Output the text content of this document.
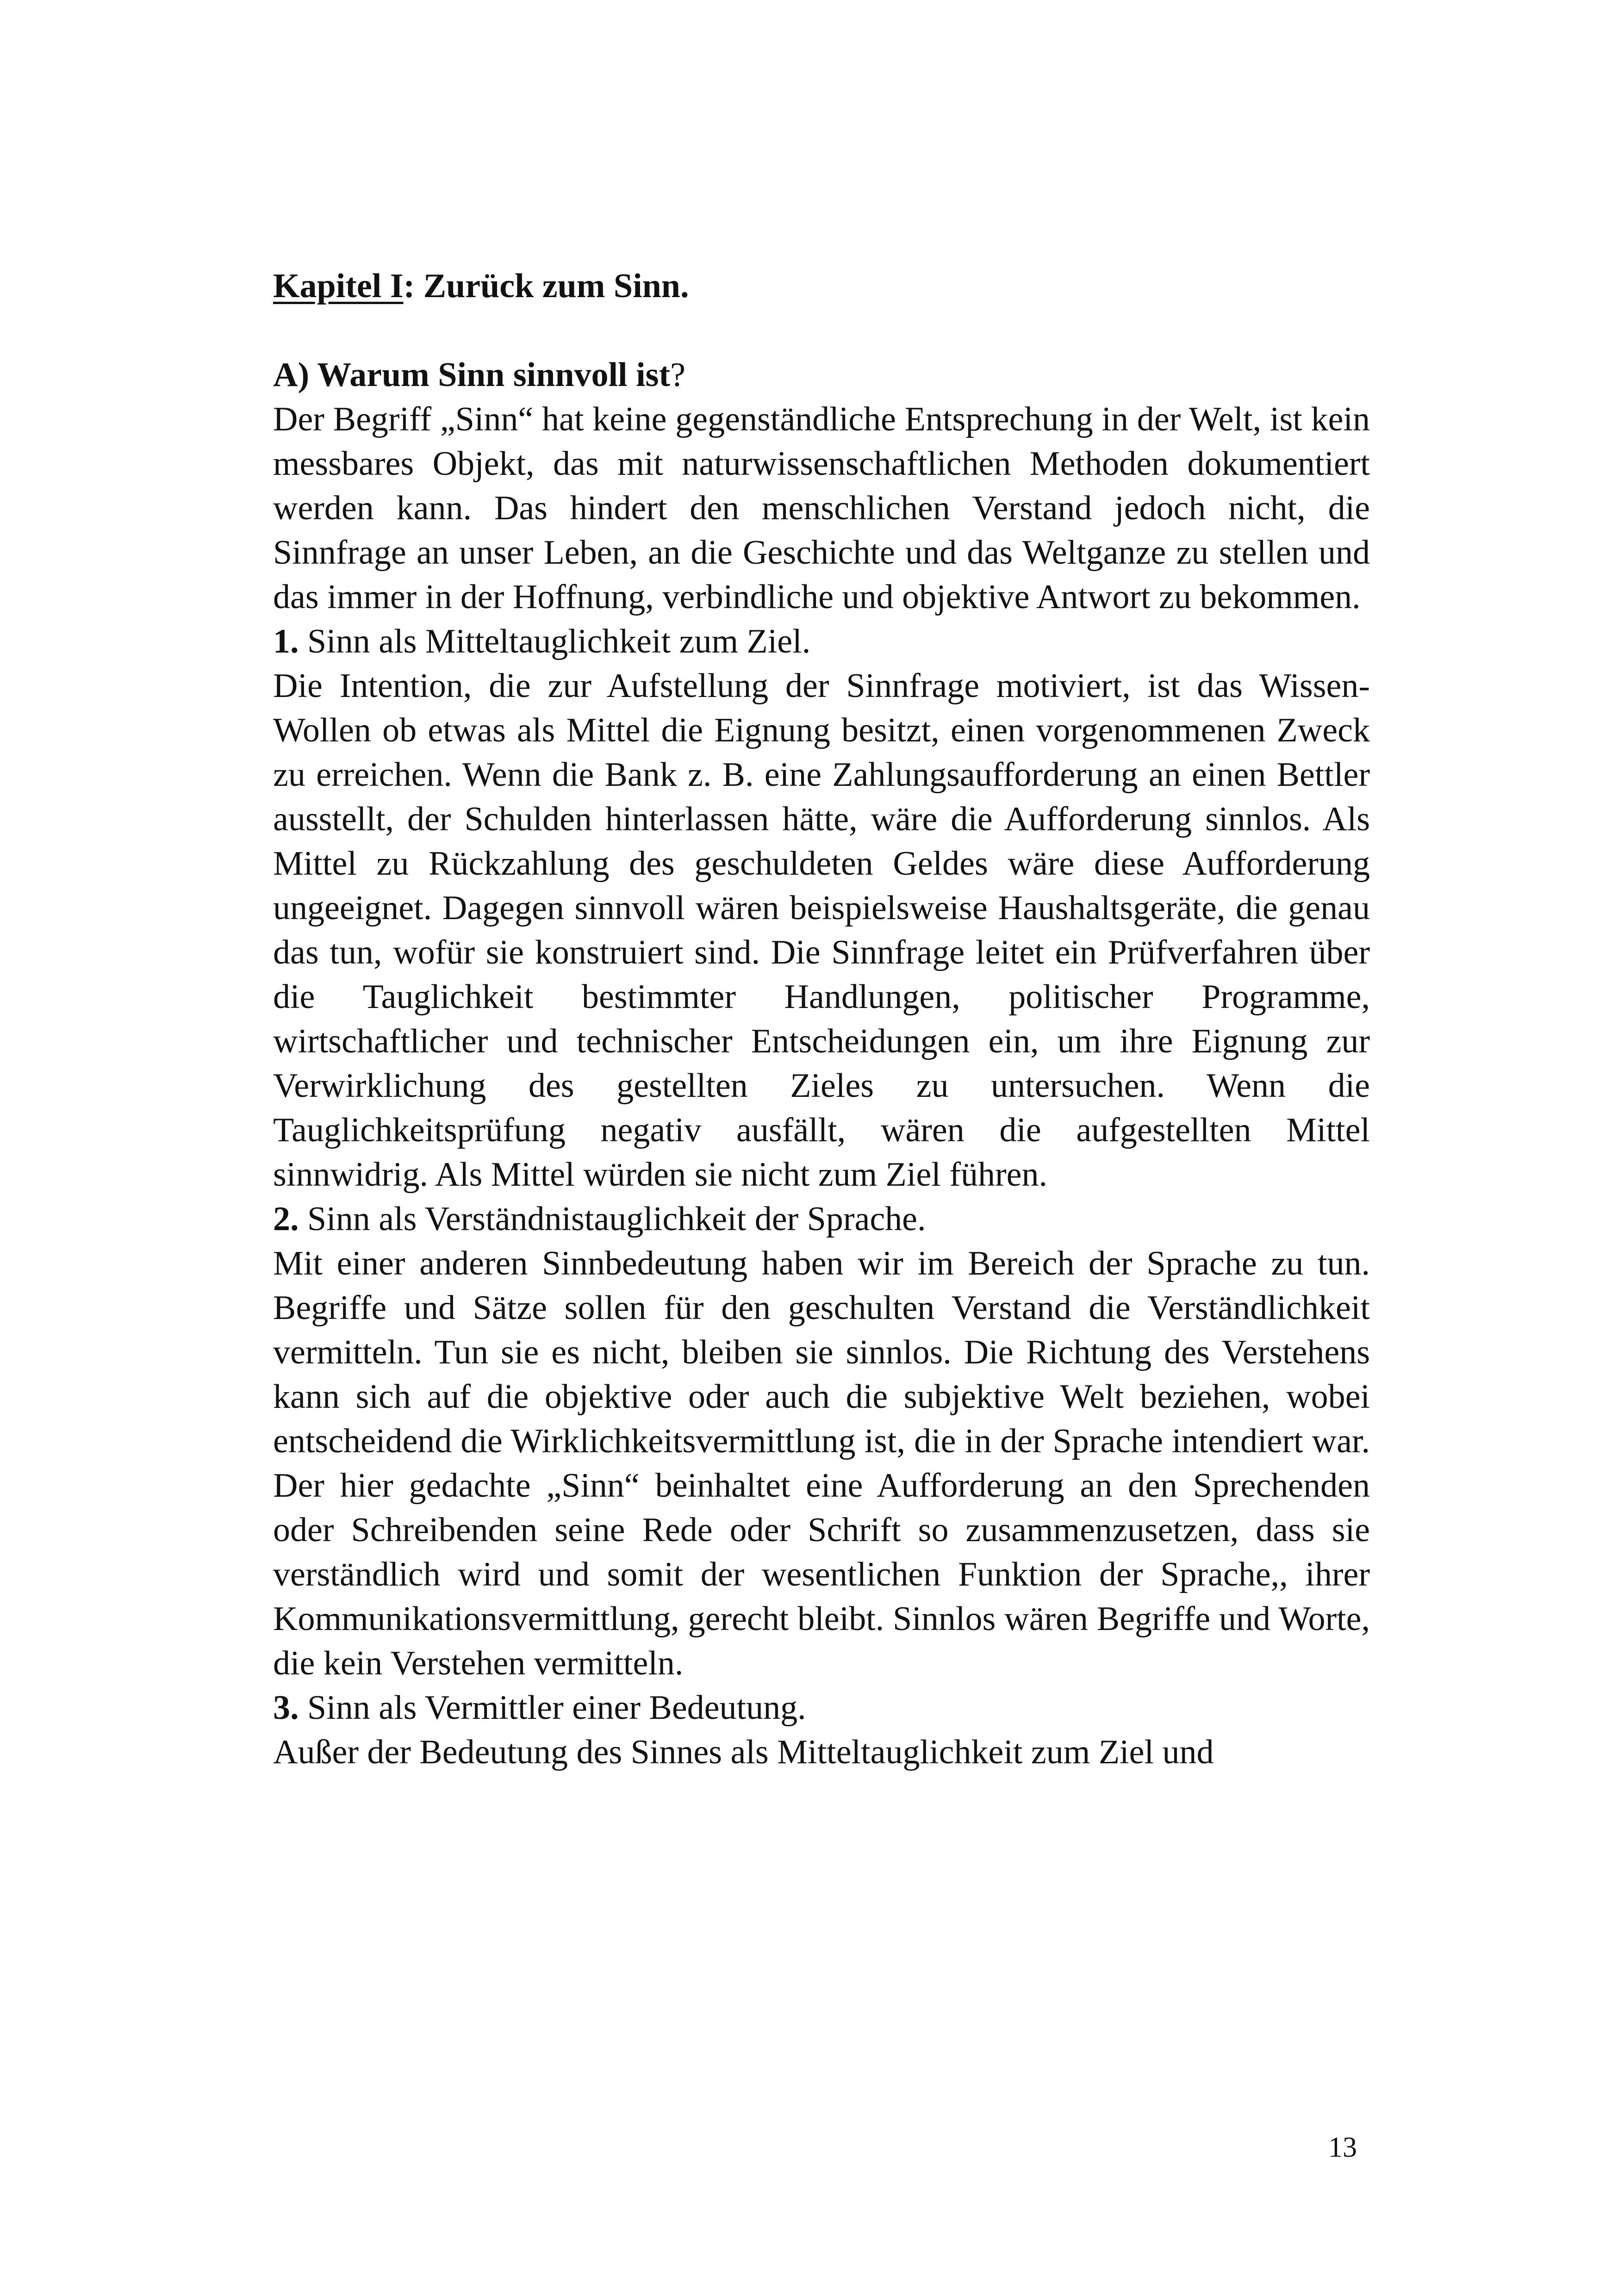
Kapitel I: Zurück zum Sinn.
A) Warum Sinn sinnvoll ist?

Der Begriff „Sinn“ hat keine gegenständliche Entsprechung in der Welt, ist kein messbares Objekt, das mit naturwissenschaftlichen Methoden dokumentiert werden kann. Das hindert den menschlichen Verstand jedoch nicht, die Sinnfrage an unser Leben, an die Geschichte und das Weltganze zu stellen und das immer in der Hoffnung, verbindliche und objektive Antwort zu bekommen.

1. Sinn als Mitteltauglichkeit zum Ziel.

Die Intention, die zur Aufstellung der Sinnfrage motiviert, ist das Wissen-Wollen ob etwas als Mittel die Eignung besitzt, einen vorgenommenen Zweck zu erreichen. Wenn die Bank z. B. eine Zahlungsaufforderung an einen Bettler ausstellt, der Schulden hinterlassen hätte, wäre die Aufforderung sinnlos. Als Mittel zu Rückzahlung des geschuldeten Geldes wäre diese Aufforderung ungeeignet. Dagegen sinnvoll wären beispielsweise Haushaltsgeräte, die genau das tun, wofür sie konstruiert sind. Die Sinnfrage leitet ein Prüfverfahren über die Tauglichkeit bestimmter Handlungen, politischer Programme, wirtschaftlicher und technischer Entscheidungen ein, um ihre Eignung zur Verwirklichung des gestellten Zieles zu untersuchen. Wenn die Tauglichkeitsprüfung negativ ausfällt, wären die aufgestellten Mittel sinnwidrig. Als Mittel würden sie nicht zum Ziel führen.

2. Sinn als Verständnistauglichkeit der Sprache.

Mit einer anderen Sinnbedeutung haben wir im Bereich der Sprache zu tun. Begriffe und Sätze sollen für den geschulten Verstand die Verständlichkeit vermitteln. Tun sie es nicht, bleiben sie sinnlos. Die Richtung des Verstehens kann sich auf die objektive oder auch die subjektive Welt beziehen, wobei entscheidend die Wirklichkeitsvermittlung ist, die in der Sprache intendiert war. Der hier gedachte „Sinn“ beinhaltet eine Aufforderung an den Sprechenden oder Schreibenden seine Rede oder Schrift so zusammenzusetzen, dass sie verständlich wird und somit der wesentlichen Funktion der Sprache,, ihrer Kommunikationsvermittlung, gerecht bleibt. Sinnlos wären Begriffe und Worte, die kein Verstehen vermitteln.

3. Sinn als Vermittler einer Bedeutung.

Außer der Bedeutung des Sinnes als Mitteltauglichkeit zum Ziel und

13
